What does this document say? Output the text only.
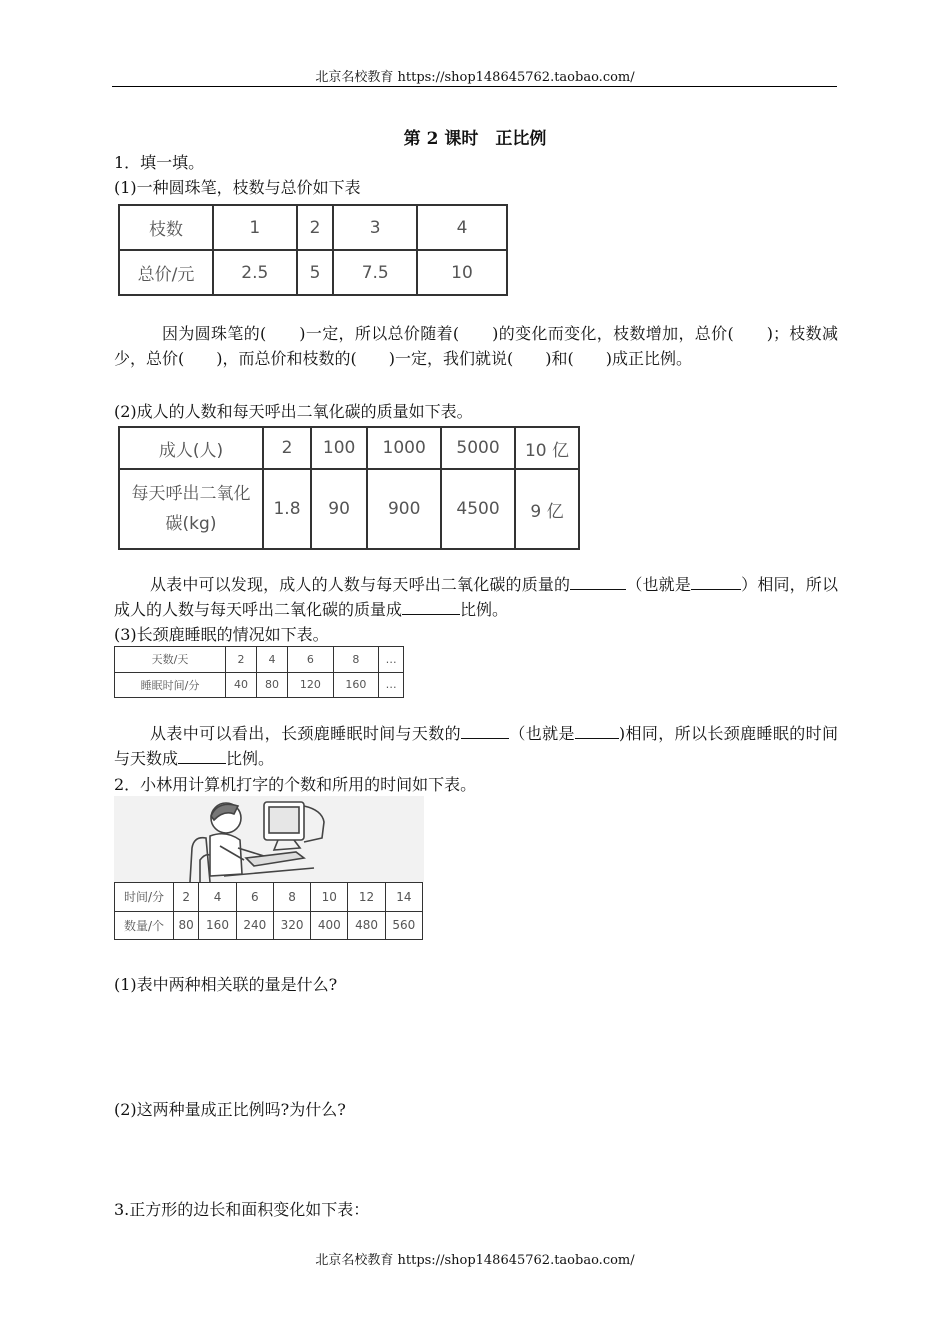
北京名校教育 https://shop148645762.taobao.com/
第 2 课时　正比例
1．填一填。
(1)一种圆珠笔，枝数与总价如下表
枝数	1	2	3	4
总价/元	2.5	5	7.5	10
因为圆珠笔的(　　)一定，所以总价随着(　　)的变化而变化，枝数增加，总价(　　)；枝数减少，总价(　　)，而总价和枝数的(　　)一定，我们就说(　　)和(　　)成正比例。
(2)成人的人数和每天呼出二氧化碳的质量如下表。
成人(人)	2	100	1000	5000	10 亿
每天呼出二氧化碳(kg)	1.8	90	900	4500	9 亿
从表中可以发现，成人的人数与每天呼出二氧化碳的质量的	（也就是	）相同，所以成人的人数与每天呼出二氧化碳的质量成	比例。
(3)长颈鹿睡眠的情况如下表。
天数/天	2	4	6	8	…
睡眠时间/分	40	80	120	160	…
从表中可以看出，长颈鹿睡眠时间与天数的	（也就是	)相同，所以长颈鹿睡眠的时间与天数成	比例。
2．小林用计算机打字的个数和所用的时间如下表。
时间/分	2	4	6	8	10	12	14
数量/个	80	160	240	320	400	480	560
(1)表中两种相关联的量是什么?
(2)这两种量成正比例吗?为什么?
3.正方形的边长和面积变化如下表：
北京名校教育 https://shop148645762.taobao.com/
